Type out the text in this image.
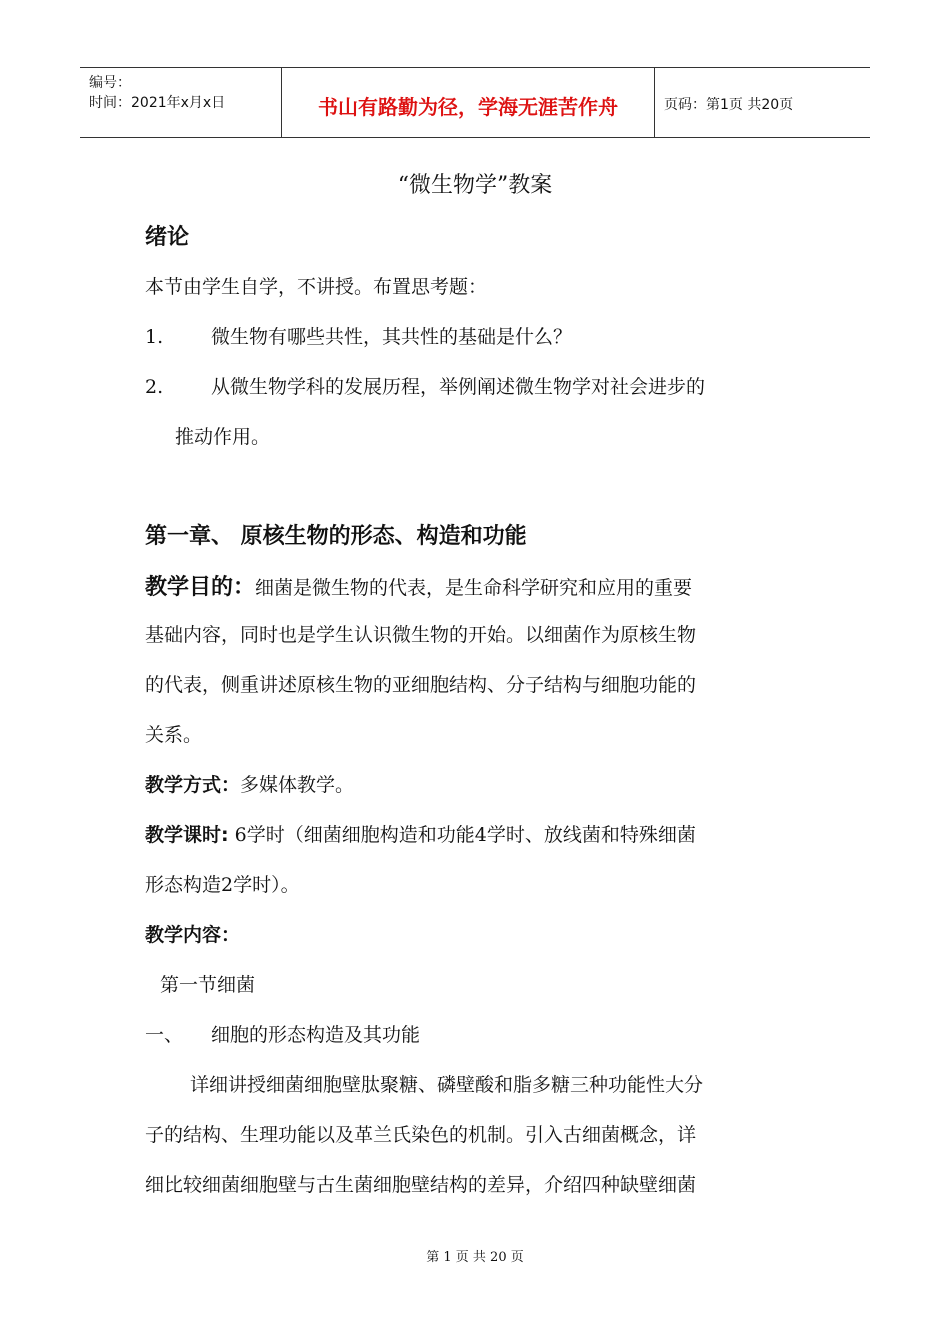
编号：
时间：2021年x月x日	书山有路勤为径，学海无涯苦作舟	页码：第1页 共20页
“微生物学”教案
绪论
本节由学生自学，不讲授。布置思考题：
1.	微生物有哪些共性，其共性的基础是什么？
2.	从微生物学科的发展历程，举例阐述微生物学对社会进步的
推动作用。
第一章、 原核生物的形态、构造和功能
教学目的：细菌是微生物的代表，是生命科学研究和应用的重要
基础内容，同时也是学生认识微生物的开始。以细菌作为原核生物
的代表，侧重讲述原核生物的亚细胞结构、分子结构与细胞功能的
关系。
教学方式：多媒体教学。
教学课时: 6学时（细菌细胞构造和功能4学时、放线菌和特殊细菌
形态构造2学时）。
教学内容：
第一节细菌
一、 细胞的形态构造及其功能
详细讲授细菌细胞壁肽聚糖、磷壁酸和脂多糖三种功能性大分
子的结构、生理功能以及革兰氏染色的机制。引入古细菌概念，详
细比较细菌细胞壁与古生菌细胞壁结构的差异，介绍四种缺壁细菌
第 1 页 共 20 页
